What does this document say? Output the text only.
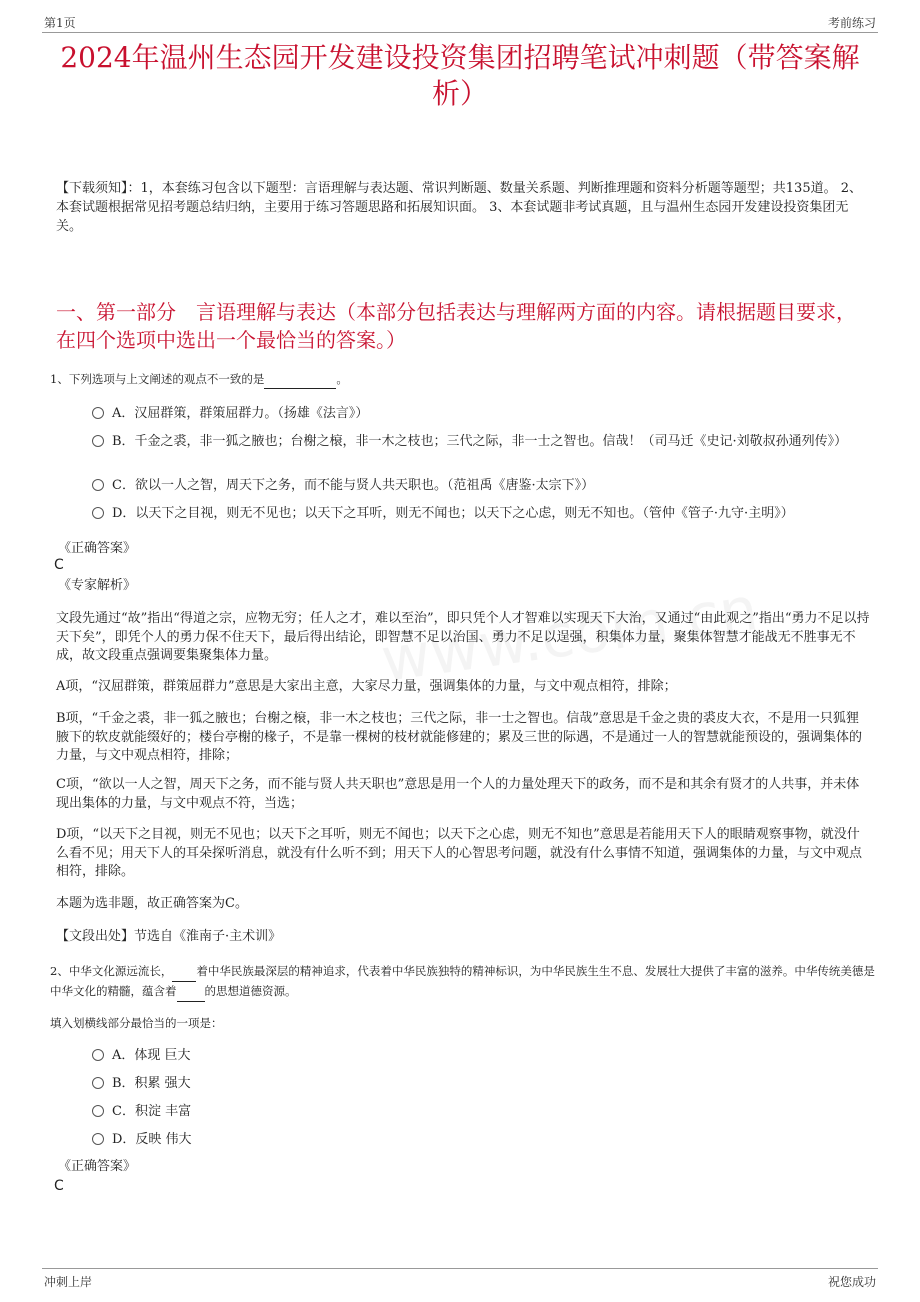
第1页	考前练习
2024年温州生态园开发建设投资集团招聘笔试冲刺题（带答案解析）
【下载须知】：1，本套练习包含以下题型：言语理解与表达题、常识判断题、数量关系题、判断推理题和资料分析题等题型；共135道。 2、本套试题根据常见招考题总结归纳，主要用于练习答题思路和拓展知识面。 3、本套试题非考试真题，且与温州生态园开发建设投资集团无关。
一、第一部分　言语理解与表达（本部分包括表达与理解两方面的内容。请根据题目要求，在四个选项中选出一个最恰当的答案。）
1、下列选项与上文阐述的观点不一致的是	。
A．汉屈群策，群策屈群力。（扬雄《法言》）
B．千金之裘，非一狐之腋也；台榭之榱，非一木之枝也；三代之际，非一士之智也。信哉！（司马迁《史记·刘敬叔孙通列传》）
C．欲以一人之智，周天下之务，而不能与贤人共天职也。（范祖禹《唐鉴·太宗下》）
D．以天下之目视，则无不见也；以天下之耳听，则无不闻也；以天下之心虑，则无不知也。（管仲《管子·九守·主明》）
《正确答案》
C
《专家解析》
文段先通过“故”指出“得道之宗，应物无穷；任人之才，难以至治”，即只凭个人才智难以实现天下大治，又通过“由此观之”指出“勇力不足以持天下矣”，即凭个人的勇力保不住天下，最后得出结论，即智慧不足以治国、勇力不足以逞强，积集体力量，聚集体智慧才能战无不胜事无不成，故文段重点强调要集聚集体力量。
A项，“汉屈群策，群策屈群力”意思是大家出主意，大家尽力量，强调集体的力量，与文中观点相符，排除；
B项，“千金之裘，非一狐之腋也；台榭之榱，非一木之枝也；三代之际，非一士之智也。信哉”意思是千金之贵的裘皮大衣，不是用一只狐狸腋下的软皮就能缀好的；楼台亭榭的椽子，不是靠一棵树的枝材就能修建的；累及三世的际遇，不是通过一人的智慧就能预设的，强调集体的力量，与文中观点相符，排除；
C项，“欲以一人之智，周天下之务，而不能与贤人共天职也”意思是用一个人的力量处理天下的政务，而不是和其余有贤才的人共事，并未体现出集体的力量，与文中观点不符，当选；
D项，“以天下之目视，则无不见也；以天下之耳听，则无不闻也；以天下之心虑，则无不知也”意思是若能用天下人的眼睛观察事物，就没什么看不见；用天下人的耳朵探听消息，就没有什么听不到；用天下人的心智思考问题，就没有什么事情不知道，强调集体的力量，与文中观点相符，排除。
本题为选非题，故正确答案为C。
【文段出处】节选自《淮南子·主术训》
2、中华文化源远流长， 着中华民族最深层的精神追求，代表着中华民族独特的精神标识，为中华民族生生不息、发展壮大提供了丰富的滋养。中华传统美德是中华文化的精髓，蕴含着 的思想道德资源。
填入划横线部分最恰当的一项是：
A．体现 巨大
B．积累 强大
C．积淀 丰富
D．反映 伟大
《正确答案》
C
冲刺上岸	祝您成功
